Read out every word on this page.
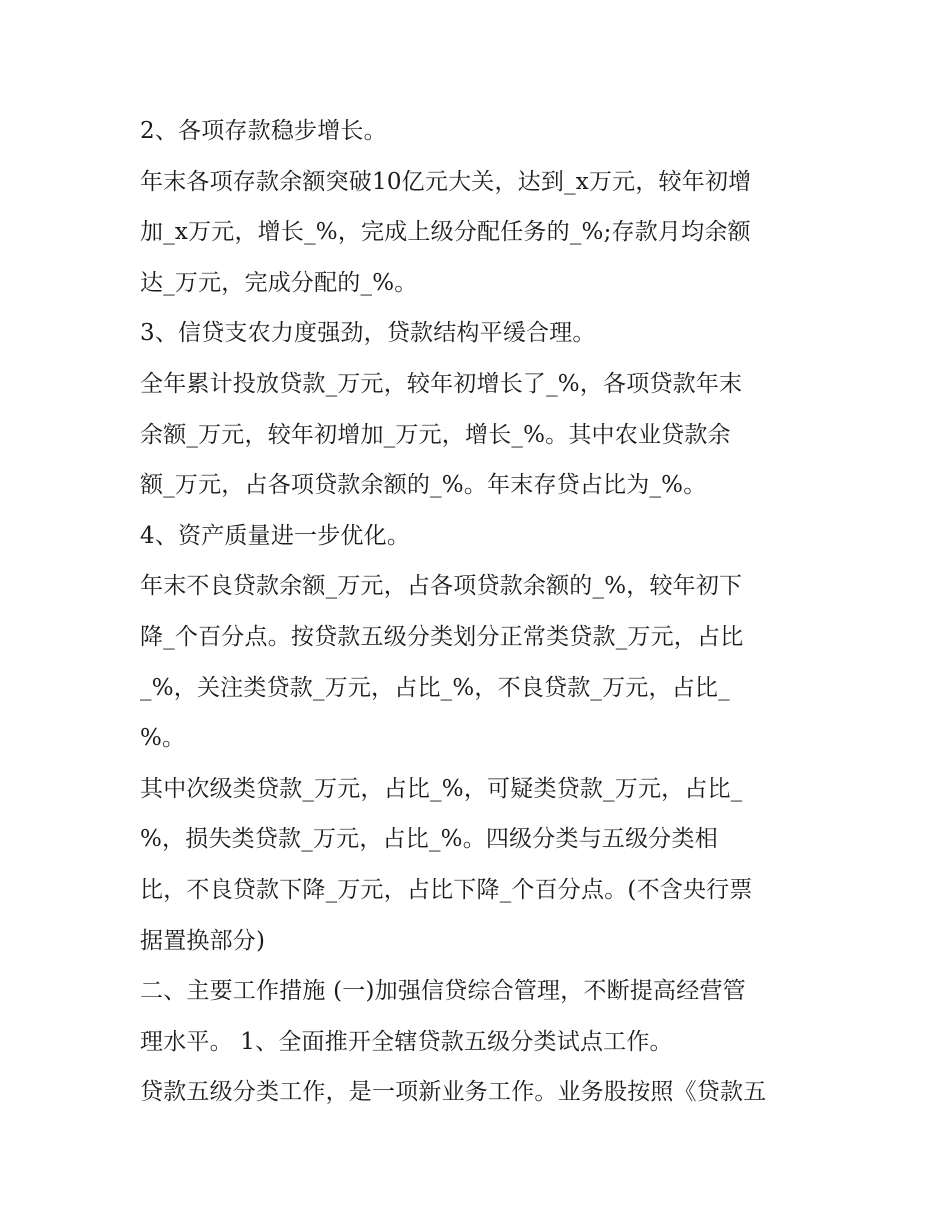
2、各项存款稳步增长。
年末各项存款余额突破10亿元大关，达到_x万元，较年初增
加_x万元，增长_%，完成上级分配任务的_%;存款月均余额
达_万元，完成分配的_%。
3、信贷支农力度强劲，贷款结构平缓合理。
全年累计投放贷款_万元，较年初增长了_%，各项贷款年末
余额_万元，较年初增加_万元，增长_%。其中农业贷款余
额_万元，占各项贷款余额的_%。年末存贷占比为_%。
4、资产质量进一步优化。
年末不良贷款余额_万元，占各项贷款余额的_%，较年初下
降_个百分点。按贷款五级分类划分正常类贷款_万元，占比
_%，关注类贷款_万元，占比_%，不良贷款_万元，占比_
%。
其中次级类贷款_万元，占比_%，可疑类贷款_万元，占比_
%，损失类贷款_万元，占比_%。四级分类与五级分类相
比，不良贷款下降_万元，占比下降_个百分点。(不含央行票
据置换部分)
二、主要工作措施 (一)加强信贷综合管理，不断提高经营管
理水平。 1、全面推开全辖贷款五级分类试点工作。
贷款五级分类工作，是一项新业务工作。业务股按照《贷款五
